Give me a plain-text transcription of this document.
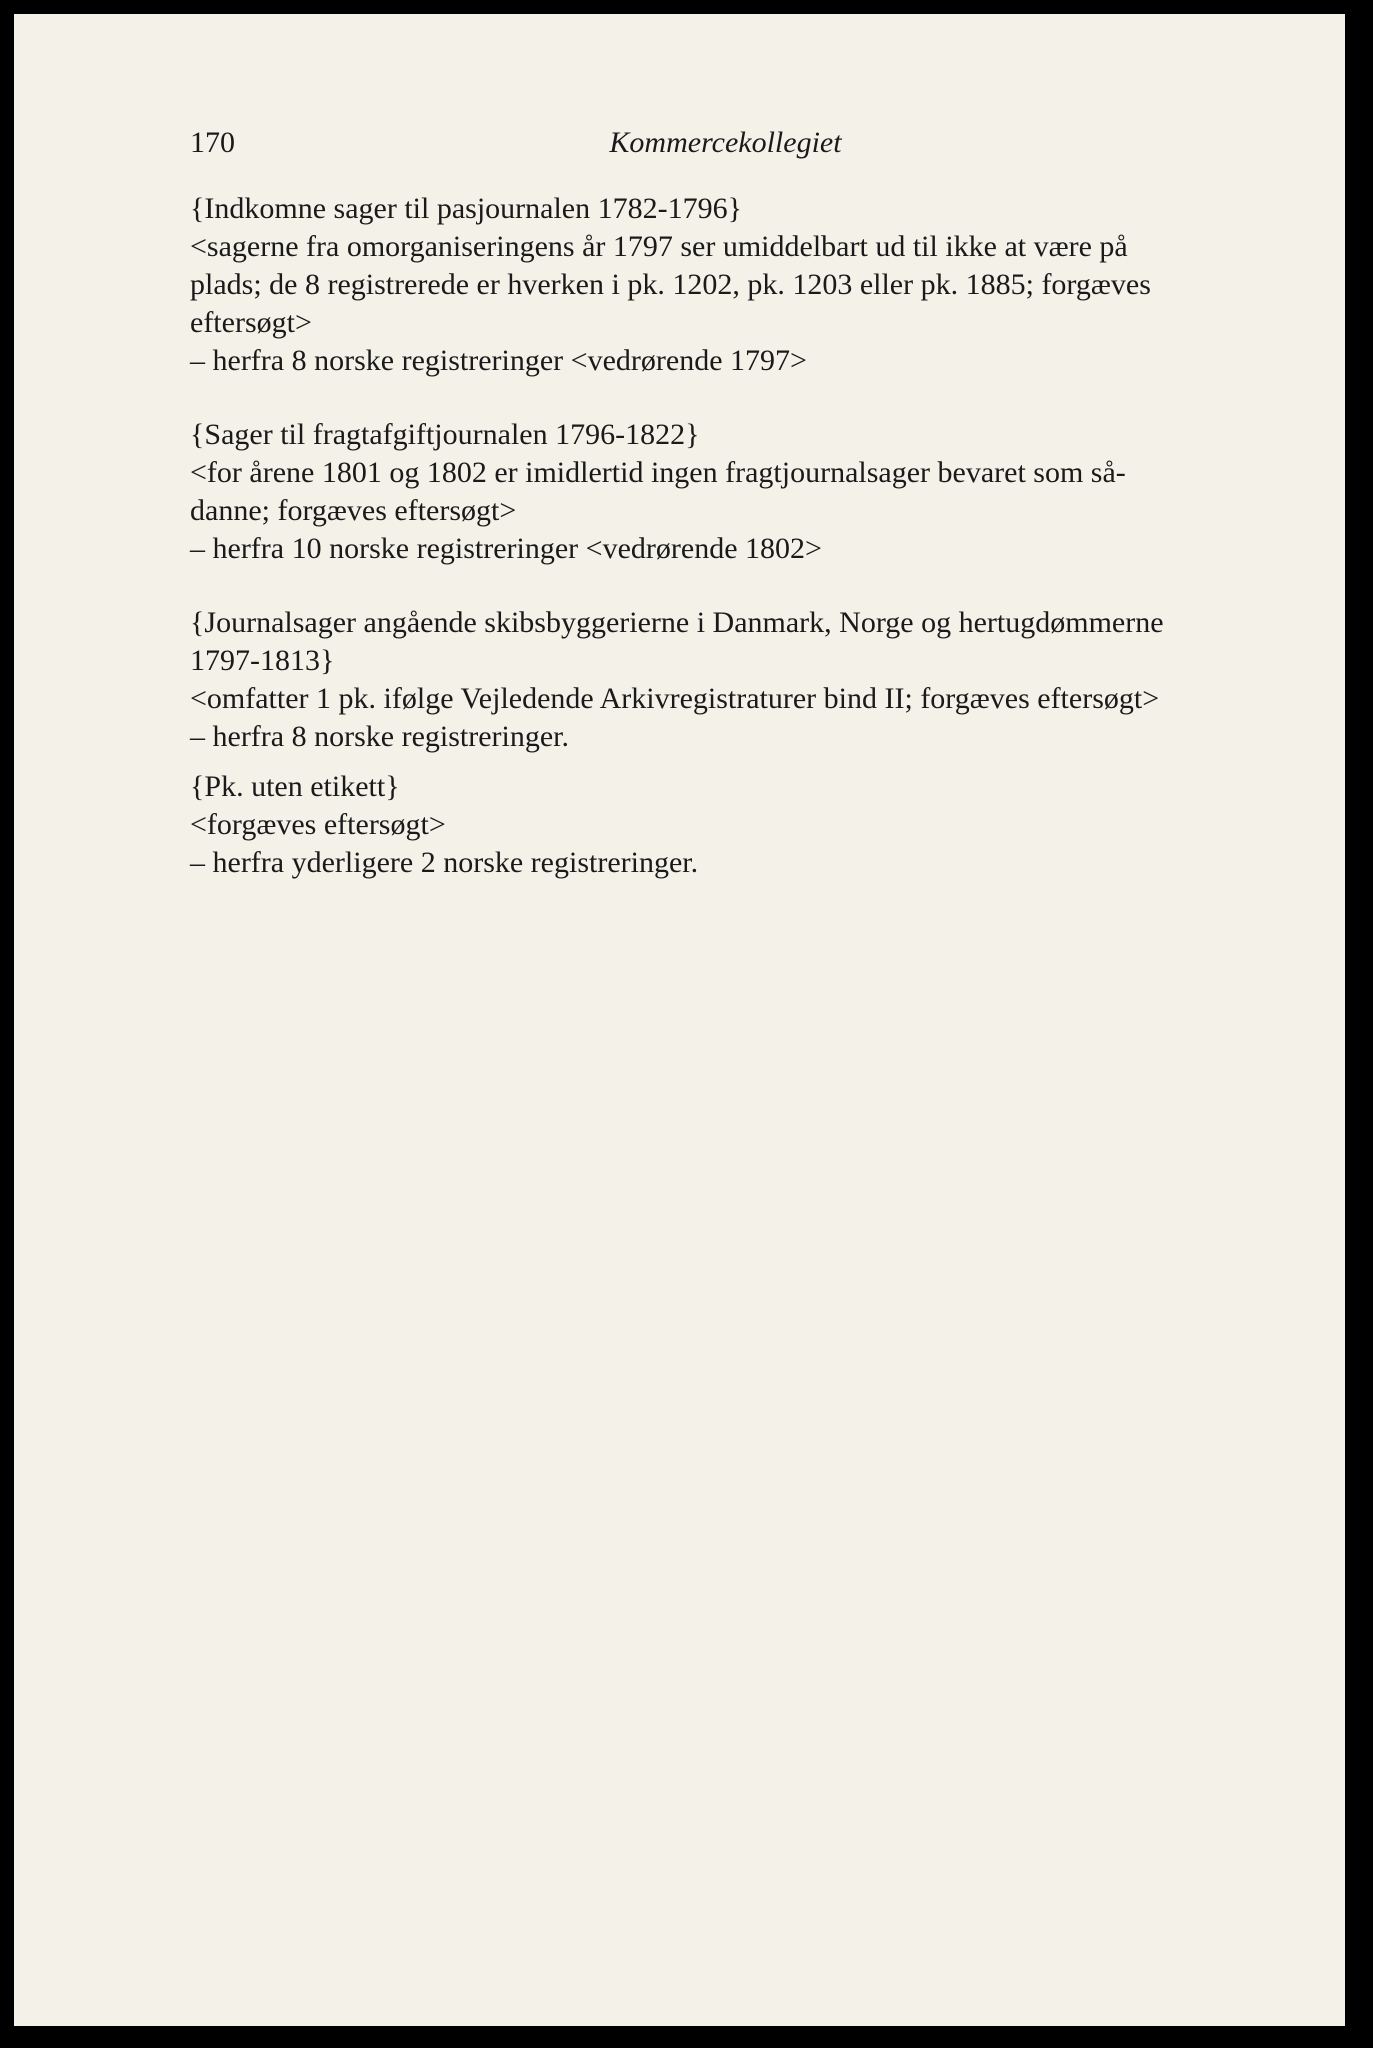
170	Kommercekollegiet
{Indkomne sager til pasjournalen 1782-1796}
<sagerne fra omorganiseringens år 1797 ser umiddelbart ud til ikke at være på
plads; de 8 registrerede er hverken i pk. 1202, pk. 1203 eller pk. 1885; forgæves
eftersøgt>
– herfra 8 norske registreringer <vedrørende 1797>
{Sager til fragtafgiftjournalen 1796-1822}
<for årene 1801 og 1802 er imidlertid ingen fragtjournalsager bevaret som så-
danne; forgæves eftersøgt>
– herfra 10 norske registreringer <vedrørende 1802>
{Journalsager angående skibsbyggerierne i Danmark, Norge og hertugdømmerne
1797-1813}
<omfatter 1 pk. ifølge Vejledende Arkivregistraturer bind II; forgæves eftersøgt>
– herfra 8 norske registreringer.
{Pk. uten etikett}
<forgæves eftersøgt>
– herfra yderligere 2 norske registreringer.
